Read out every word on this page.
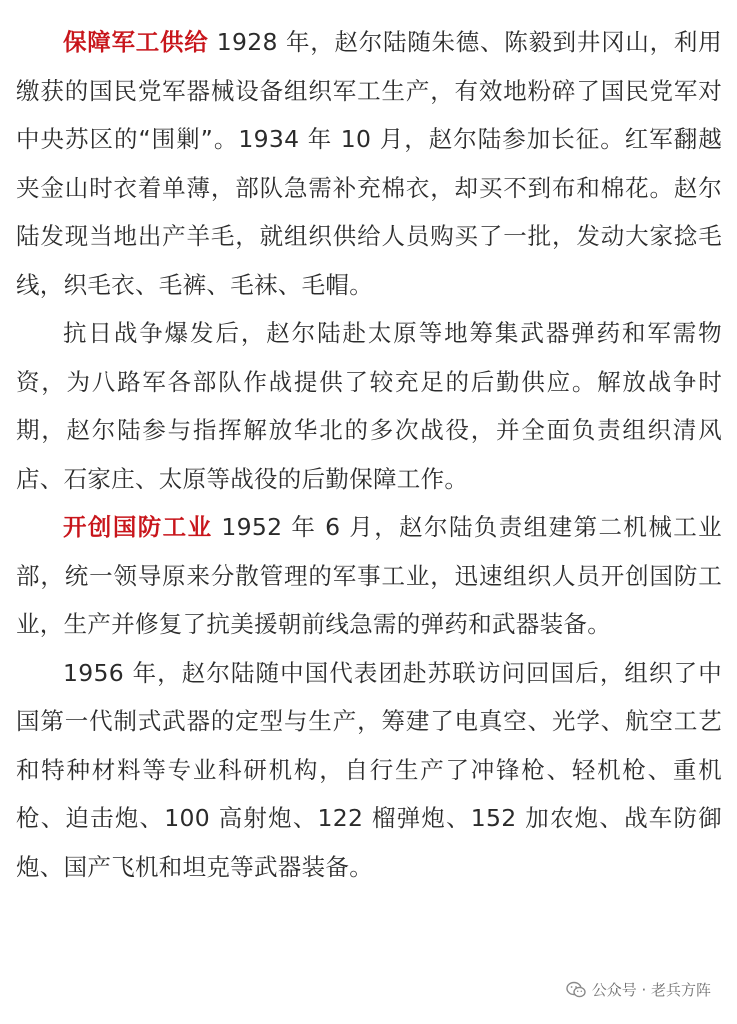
保障军工供给 1928 年，赵尔陆随朱德、陈毅到井冈山，利用缴获的国民党军器械设备组织军工生产，有效地粉碎了国民党军对中央苏区的“围剿”。1934 年 10 月，赵尔陆参加长征。红军翻越夹金山时衣着单薄，部队急需补充棉衣，却买不到布和棉花。赵尔陆发现当地出产羊毛，就组织供给人员购买了一批，发动大家捻毛线，织毛衣、毛裤、毛袜、毛帽。

抗日战争爆发后，赵尔陆赴太原等地筹集武器弹药和军需物资，为八路军各部队作战提供了较充足的后勤供应。解放战争时期，赵尔陆参与指挥解放华北的多次战役，并全面负责组织清风店、石家庄、太原等战役的后勤保障工作。

开创国防工业 1952 年 6 月，赵尔陆负责组建第二机械工业部，统一领导原来分散管理的军事工业，迅速组织人员开创国防工业，生产并修复了抗美援朝前线急需的弹药和武器装备。

1956 年，赵尔陆随中国代表团赴苏联访问回国后，组织了中国第一代制式武器的定型与生产，筹建了电真空、光学、航空工艺和特种材料等专业科研机构，自行生产了冲锋枪、轻机枪、重机枪、迫击炮、100 高射炮、122 榴弹炮、152 加农炮、战车防御炮、国产飞机和坦克等武器装备。

公众号 · 老兵方阵
